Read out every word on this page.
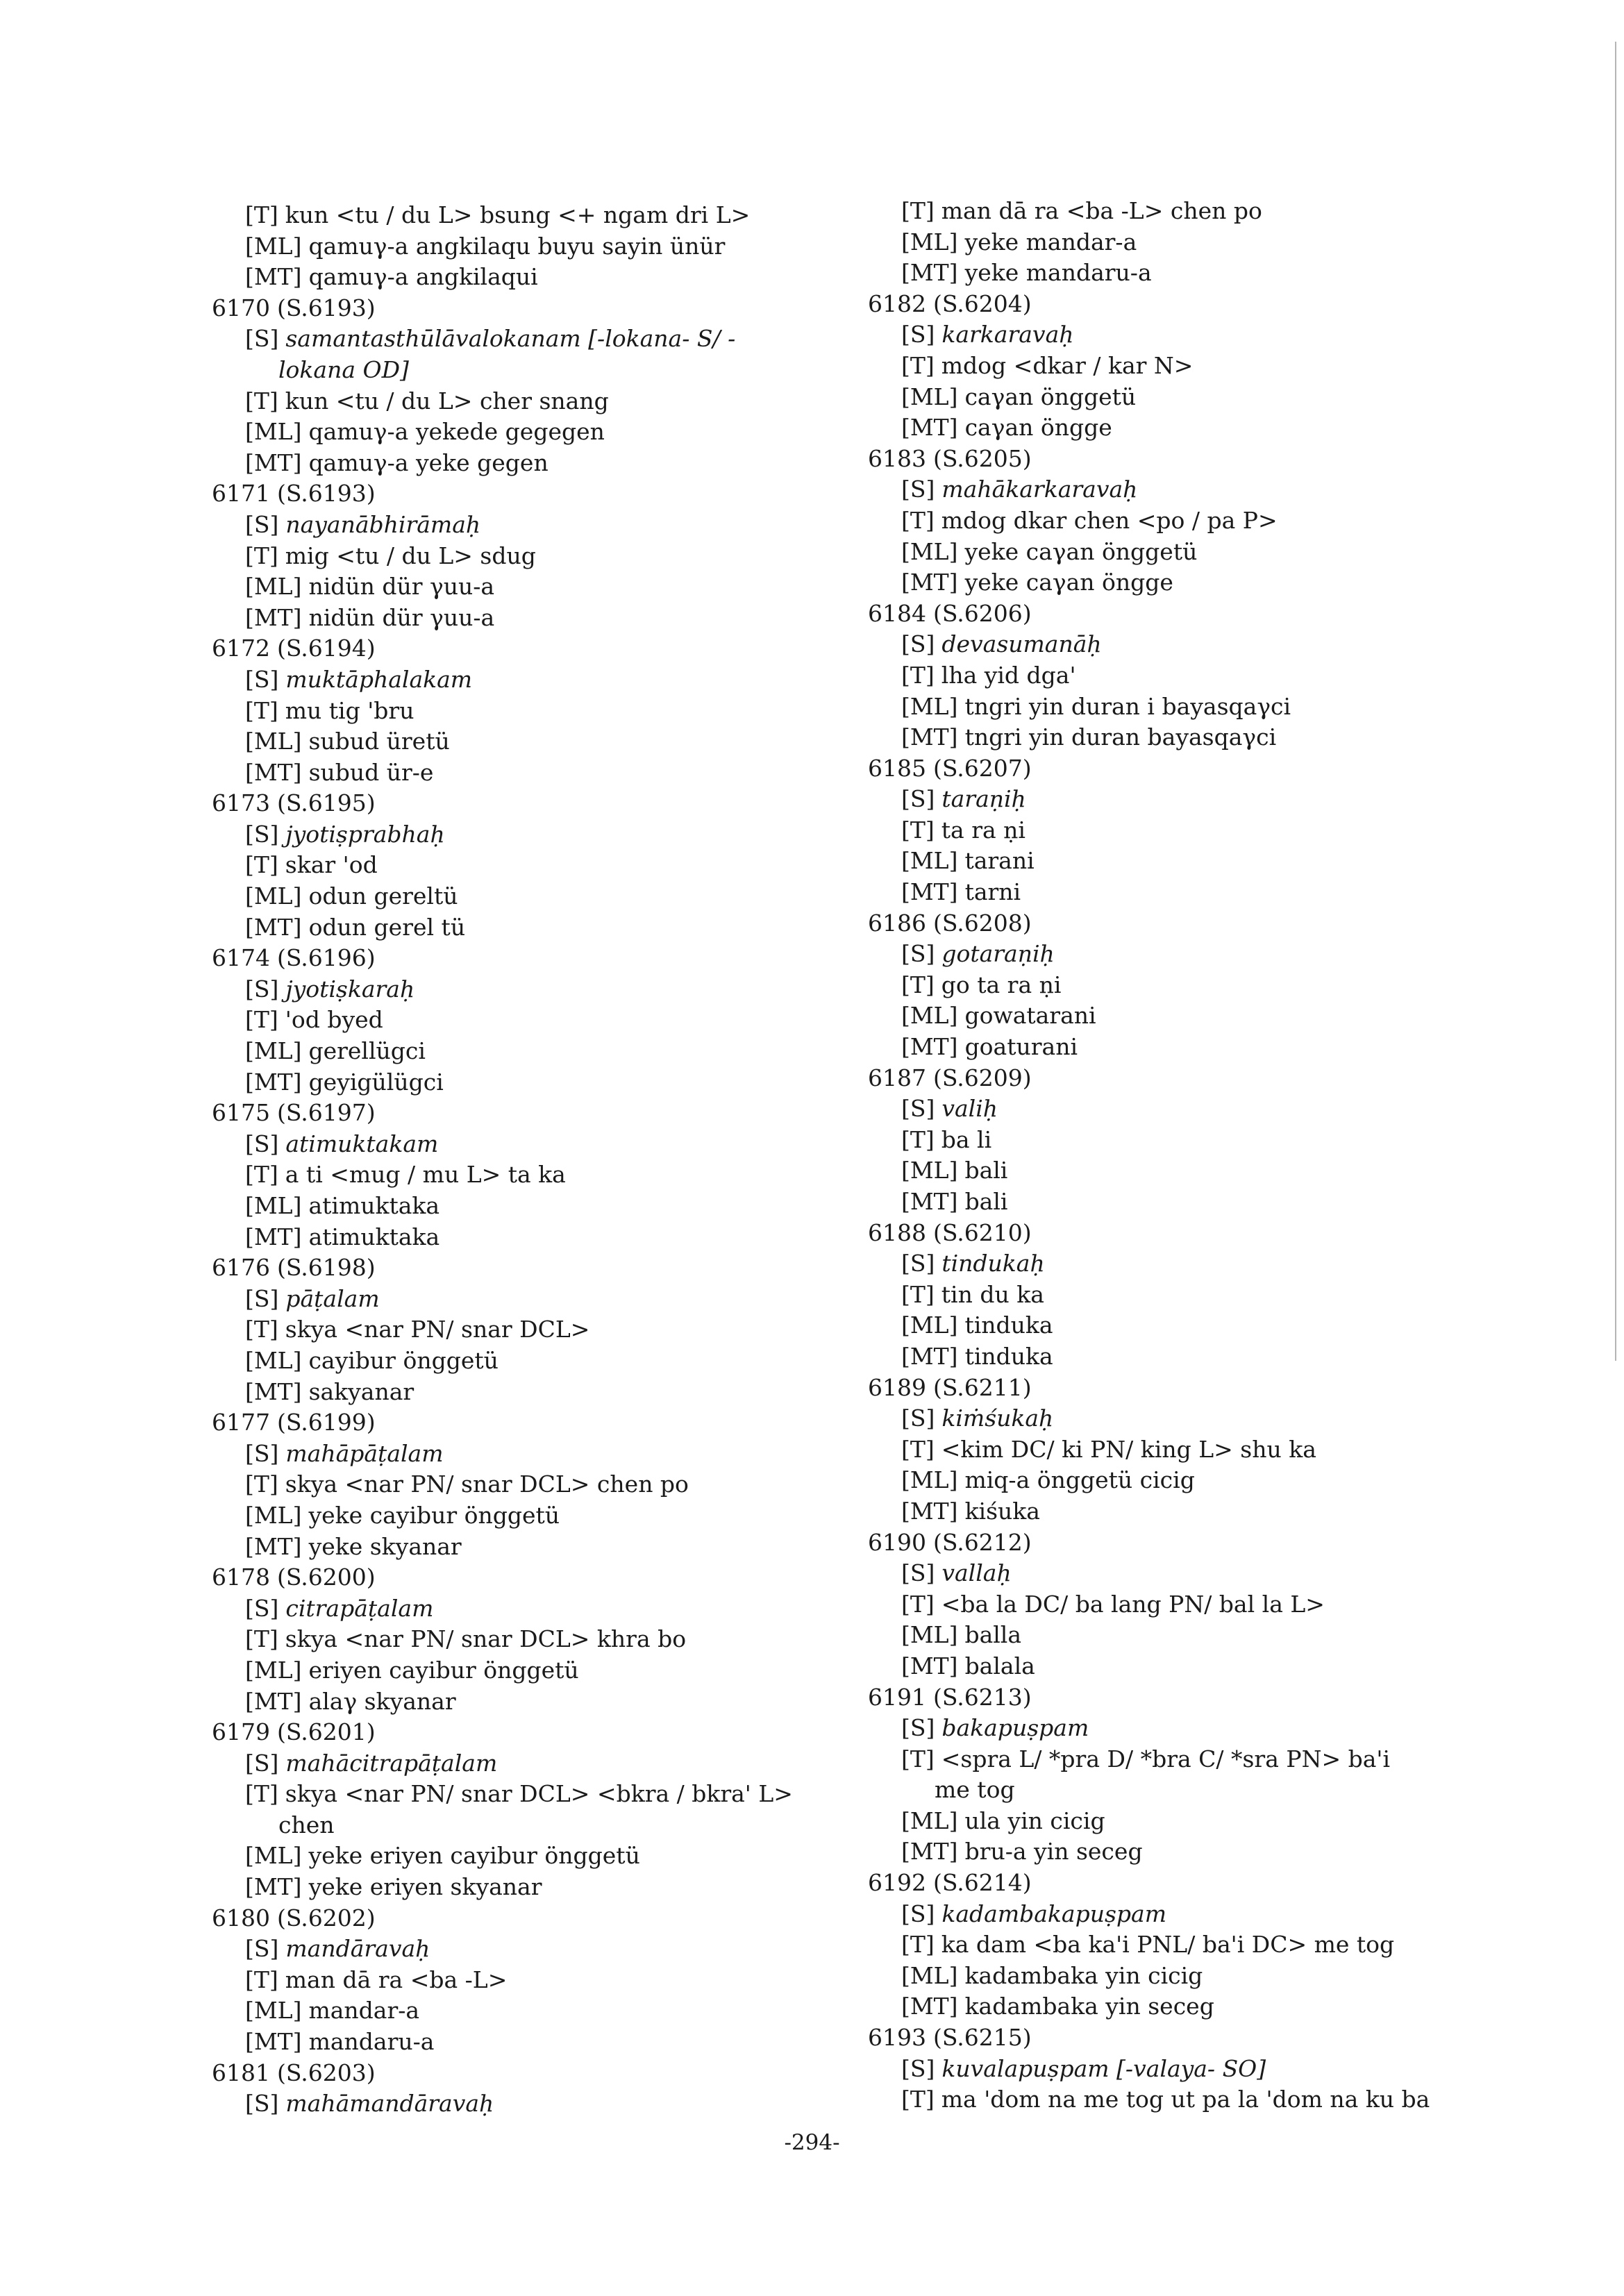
[T] kun <tu / du L> bsung <+ ngam dri L>
[ML] qamuγ-a angkilaqu buyu sayin ünür
[MT] qamuγ-a angkilaqui
6170 (S.6193)
[S] samantasthūlāvalokanam [-lokana- S/ -
lokana OD]
[T] kun <tu / du L> cher snang
[ML] qamuγ-a yekede gegegen
[MT] qamuγ-a yeke gegen
6171 (S.6193)
[S] nayanābhirāmaḥ
[T] mig <tu / du L> sdug
[ML] nidün dür γuu-a
[MT] nidün dür γuu-a
6172 (S.6194)
[S] muktāphalakam
[T] mu tig 'bru
[ML] subud üretü
[MT] subud ür-e
6173 (S.6195)
[S] jyotiṣprabhaḥ
[T] skar 'od
[ML] odun gereltü
[MT] odun gerel tü
6174 (S.6196)
[S] jyotiṣkaraḥ
[T] 'od byed
[ML] gerellügci
[MT] geyigülügci
6175 (S.6197)
[S] atimuktakam
[T] a ti <mug / mu L> ta ka
[ML] atimuktaka
[MT] atimuktaka
6176 (S.6198)
[S] pāṭalam
[T] skya <nar PN/ snar DCL>
[ML] cayibur önggetü
[MT] sakyanar
6177 (S.6199)
[S] mahāpāṭalam
[T] skya <nar PN/ snar DCL> chen po
[ML] yeke cayibur önggetü
[MT] yeke skyanar
6178 (S.6200)
[S] citrapāṭalam
[T] skya <nar PN/ snar DCL> khra bo
[ML] eriyen cayibur önggetü
[MT] alaγ skyanar
6179 (S.6201)
[S] mahācitrapāṭalam
[T] skya <nar PN/ snar DCL> <bkra / bkra' L>
chen
[ML] yeke eriyen cayibur önggetü
[MT] yeke eriyen skyanar
6180 (S.6202)
[S] mandāravaḥ
[T] man dā ra <ba -L>
[ML] mandar-a
[MT] mandaru-a
6181 (S.6203)
[S] mahāmandāravaḥ
[T] man dā ra <ba -L> chen po
[ML] yeke mandar-a
[MT] yeke mandaru-a
6182 (S.6204)
[S] karkaravaḥ
[T] mdog <dkar / kar N>
[ML] caγan önggetü
[MT] caγan öngge
6183 (S.6205)
[S] mahākarkaravaḥ
[T] mdog dkar chen <po / pa P>
[ML] yeke caγan önggetü
[MT] yeke caγan öngge
6184 (S.6206)
[S] devasumanāḥ
[T] lha yid dga'
[ML] tngri yin duran i bayasqaγci
[MT] tngri yin duran bayasqaγci
6185 (S.6207)
[S] taraṇiḥ
[T] ta ra ṇi
[ML] tarani
[MT] tarni
6186 (S.6208)
[S] gotaraṇiḥ
[T] go ta ra ṇi
[ML] gowatarani
[MT] goaturani
6187 (S.6209)
[S] valiḥ
[T] ba li
[ML] bali
[MT] bali
6188 (S.6210)
[S] tindukaḥ
[T] tin du ka
[ML] tinduka
[MT] tinduka
6189 (S.6211)
[S] kiṁśukaḥ
[T] <kim DC/ ki PN/ king L> shu ka
[ML] miq-a önggetü cicig
[MT] kiśuka
6190 (S.6212)
[S] vallaḥ
[T] <ba la DC/ ba lang PN/ bal la L>
[ML] balla
[MT] balala
6191 (S.6213)
[S] bakapuṣpam
[T] <spra L/ *pra D/ *bra C/ *sra PN> ba'i
me tog
[ML] ula yin cicig
[MT] bru-a yin seceg
6192 (S.6214)
[S] kadambakapuṣpam
[T] ka dam <ba ka'i PNL/ ba'i DC> me tog
[ML] kadambaka yin cicig
[MT] kadambaka yin seceg
6193 (S.6215)
[S] kuvalapuṣpam [-valaya- SO]
[T] ma 'dom na me tog ut pa la 'dom na ku ba
-294-
